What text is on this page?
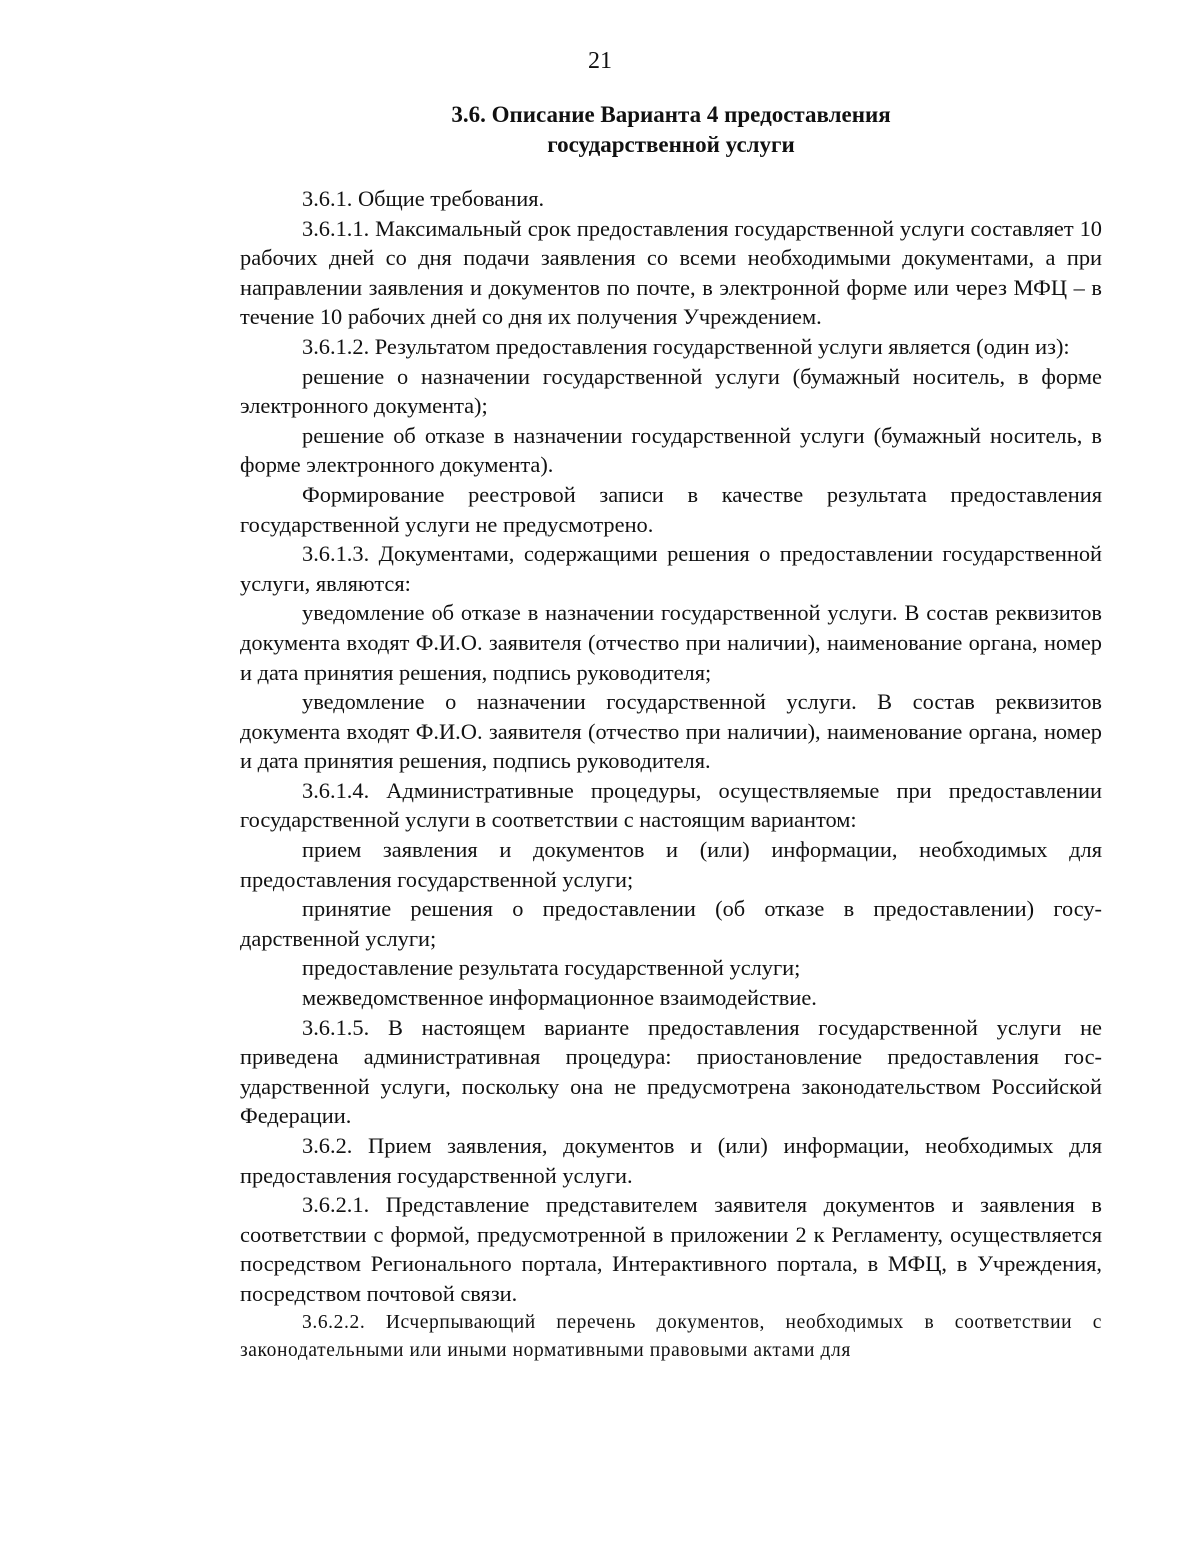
21
3.6. Описание Варианта 4 предоставления
государственной услуги

3.6.1. Общие требования.

3.6.1.1. Максимальный срок предоставления государственной услуги составляет 10 рабочих дней со дня подачи заявления со всеми необходимыми документами, а при направлении заявления и документов по почте, в электронной форме или через МФЦ – в течение 10 рабочих дней со дня их получения Учреждением.

3.6.1.2. Результатом предоставления государственной услуги является (один из):

решение о назначении государственной услуги (бумажный носитель, в форме электронного документа);

решение об отказе в назначении государственной услуги (бумажный носитель, в форме электронного документа).

Формирование реестровой записи в качестве результата предоставления государственной услуги не предусмотрено.

3.6.1.3. Документами, содержащими решения о предоставлении государственной услуги, являются:

уведомление об отказе в назначении государственной услуги. В состав реквизитов документа входят Ф.И.О. заявителя (отчество при наличии), наименование органа, номер и дата принятия решения, подпись руководителя;

уведомление о назначении государственной услуги. В состав реквизитов документа входят Ф.И.О. заявителя (отчество при наличии), наименование органа, номер и дата принятия решения, подпись руководителя.

3.6.1.4. Административные процедуры, осуществляемые при предоставлении государственной услуги в соответствии с настоящим вариантом:

прием заявления и документов и (или) информации, необходимых для предоставления государственной услуги;

принятие решения о предоставлении (об отказе в предоставлении) государственной услуги;

предоставление результата государственной услуги;

межведомственное информационное взаимодействие.

3.6.1.5. В настоящем варианте предоставления государственной услуги не приведена административная процедура: приостановление предоставления государственной услуги, поскольку она не предусмотрена законодательством Российской Федерации.

3.6.2. Прием заявления, документов и (или) информации, необходимых для предоставления государственной услуги.

3.6.2.1. Представление представителем заявителя документов и заявления в соответствии с формой, предусмотренной в приложении 2 к Регламенту, осуществляется посредством Регионального портала, Интерактивного портала, в МФЦ, в Учреждения, посредством почтовой связи.

3.6.2.2. Исчерпывающий перечень документов, необходимых в соответствии с законодательными или иными нормативными правовыми актами для
